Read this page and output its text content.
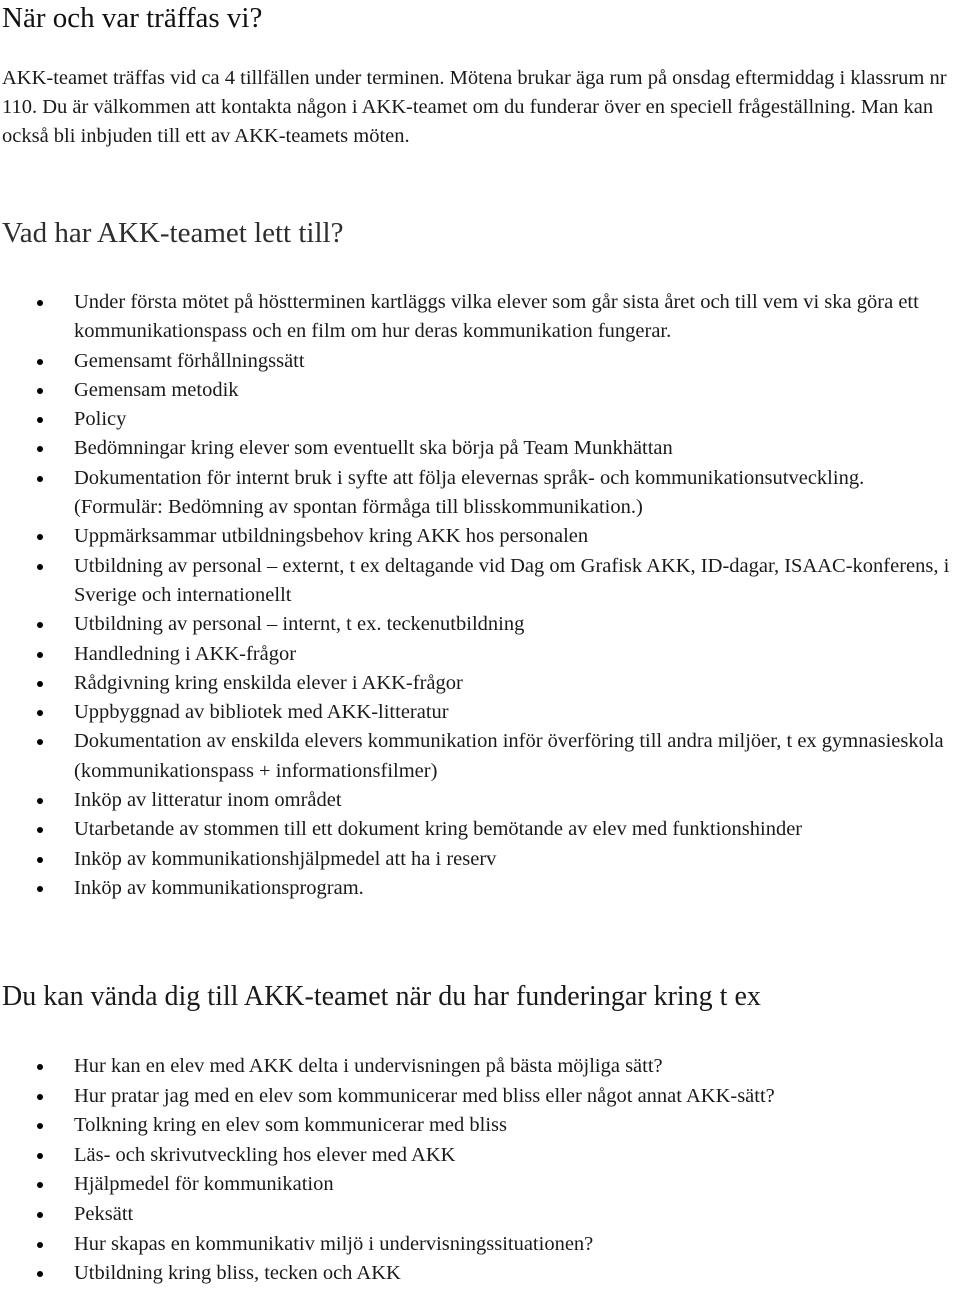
När och var träffas vi?

AKK-teamet träffas vid ca 4 tillfällen under terminen. Mötena brukar äga rum på onsdag eftermiddag i klassrum nr 110. Du är välkommen att kontakta någon i AKK-teamet om du funderar över en speciell frågeställning. Man kan också bli inbjuden till ett av AKK-teamets möten.

Vad har AKK-teamet lett till?
Under första mötet på höstterminen kartläggs vilka elever som går sista året och till vem vi ska göra ett kommunikationspass och en film om hur deras kommunikation fungerar.
Gemensamt förhållningssätt
Gemensam metodik
Policy
Bedömningar kring elever som eventuellt ska börja på Team Munkhättan
Dokumentation för internt bruk i syfte att följa elevernas språk- och kommunikationsutveckling. (Formulär: Bedömning av spontan förmåga till blisskommunikation.)
Uppmärksammar utbildningsbehov kring AKK hos personalen
Utbildning av personal – externt, t ex deltagande vid Dag om Grafisk AKK, ID-dagar, ISAAC-konferens, i Sverige och internationellt
Utbildning av personal – internt, t ex. teckenutbildning
Handledning i AKK-frågor
Rådgivning kring enskilda elever i AKK-frågor
Uppbyggnad av bibliotek med AKK-litteratur
Dokumentation av enskilda elevers kommunikation inför överföring till andra miljöer, t ex gymnasieskola (kommunikationspass + informationsfilmer)
Inköp av litteratur inom området
Utarbetande av stommen till ett dokument kring bemötande av elev med funktionshinder
Inköp av kommunikationshjälpmedel att ha i reserv
Inköp av kommunikationsprogram.
Du kan vända dig till AKK-teamet när du har funderingar kring t ex
Hur kan en elev med AKK delta i undervisningen på bästa möjliga sätt?
Hur pratar jag med en elev som kommunicerar med bliss eller något annat AKK-sätt?
Tolkning kring en elev som kommunicerar med bliss
Läs- och skrivutveckling hos elever med AKK
Hjälpmedel för kommunikation
Peksätt
Hur skapas en kommunikativ miljö i undervisningssituationen?
Utbildning kring bliss, tecken och AKK
